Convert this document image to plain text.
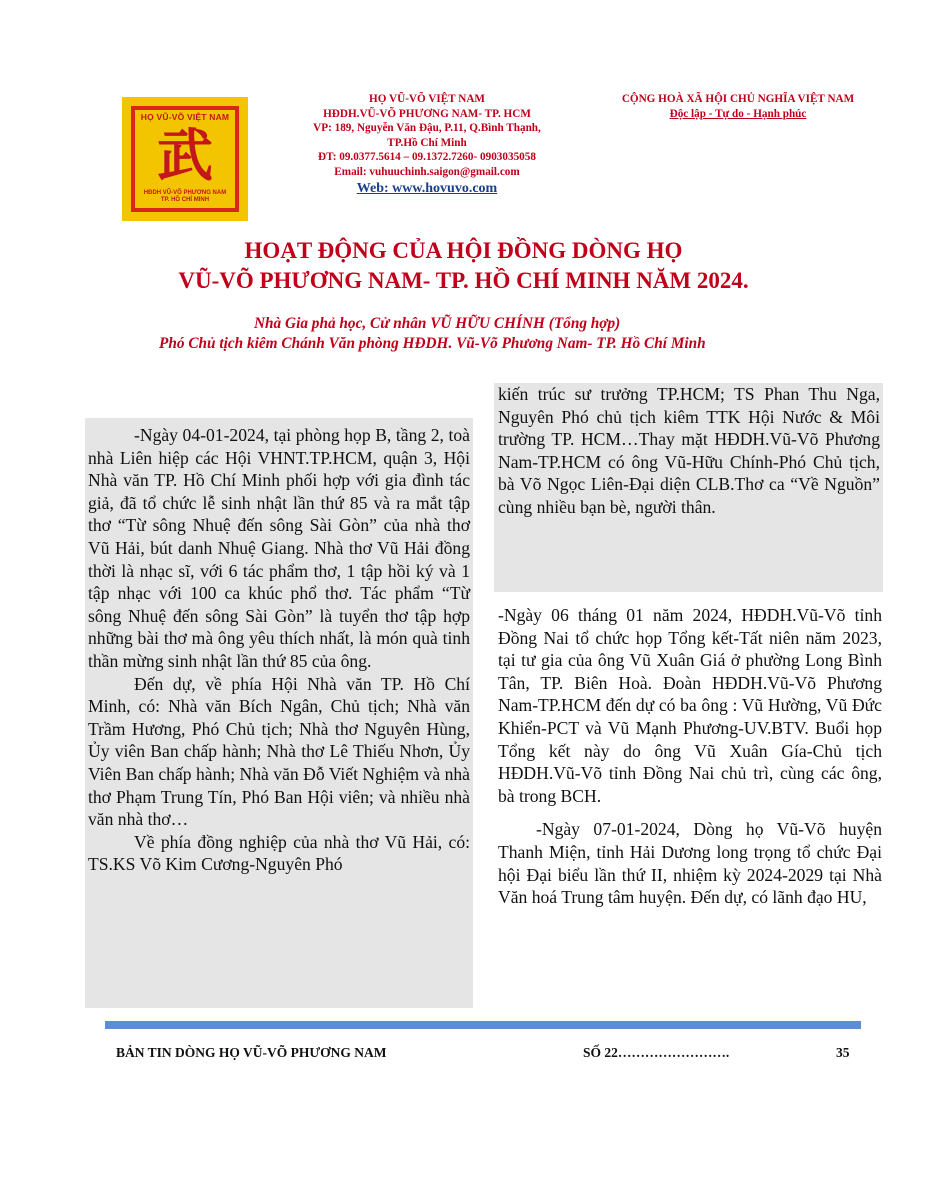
HỌ VŨ-VÕ VIỆT NAM
武
HĐDH VŨ-VÕ PHƯƠNG NAM
TP. HỒ CHÍ MINH
HỌ VŨ-VÕ VIỆT NAM
HĐDH.VŨ-VÕ PHƯƠNG NAM- TP. HCM
VP: 189, Nguyễn Văn Đậu, P.11, Q.Bình Thạnh,
TP.Hồ Chí Minh
ĐT: 09.0377.5614 – 09.1372.7260- 0903035058
Email: vuhuuchinh.saigon@gmail.com
Web: www.hovuvo.com
CỘNG HOÀ XÃ HỘI CHỦ NGHĨA VIỆT NAM
Độc lập - Tự do - Hạnh phúc
HOẠT ĐỘNG CỦA HỘI ĐỒNG DÒNG HỌ
VŨ-VÕ PHƯƠNG NAM- TP. HỒ CHÍ MINH NĂM 2024.
Nhà Gia phả học, Cử nhân VŨ HỮU CHÍNH (Tổng hợp)
Phó Chủ tịch kiêm Chánh Văn phòng HĐDH. Vũ-Võ Phương Nam- TP. Hồ Chí Minh

-Ngày 04-01-2024, tại phòng họp B, tầng 2, toà nhà Liên hiệp các Hội VHNT.TP.HCM, quận 3, Hội Nhà văn TP. Hồ Chí Minh phối hợp với gia đình tác giả, đã tổ chức lễ sinh nhật lần thứ 85 và ra mắt tập thơ “Từ sông Nhuệ đến sông Sài Gòn” của nhà thơ Vũ Hải, bút danh Nhuệ Giang. Nhà thơ Vũ Hải đồng thời là nhạc sĩ, với 6 tác phẩm thơ, 1 tập hồi ký và 1 tập nhạc với 100 ca khúc phổ thơ. Tác phẩm “Từ sông Nhuệ đến sông Sài Gòn” là tuyển thơ tập hợp những bài thơ mà ông yêu thích nhất, là món quà tinh thần mừng sinh nhật lần thứ 85 của ông.

Đến dự, về phía Hội Nhà văn TP. Hồ Chí Minh, có: Nhà văn Bích Ngân, Chủ tịch; Nhà văn Trầm Hương, Phó Chủ tịch; Nhà thơ Nguyên Hùng, Ủy viên Ban chấp hành; Nhà thơ Lê Thiếu Nhơn, Ủy Viên Ban chấp hành; Nhà văn Đỗ Viết Nghiệm và nhà thơ Phạm Trung Tín, Phó Ban Hội viên; và nhiều nhà văn nhà thơ…

Về phía đồng nghiệp của nhà thơ Vũ Hải, có: TS.KS Võ Kim Cương-Nguyên Phó

kiến trúc sư trưởng TP.HCM; TS Phan Thu Nga, Nguyên Phó chủ tịch kiêm TTK Hội Nước & Môi trường TP. HCM…Thay mặt HĐDH.Vũ-Võ Phương Nam-TP.HCM có ông Vũ-Hữu Chính-Phó Chủ tịch, bà Võ Ngọc Liên-Đại diện CLB.Thơ ca “Về Nguồn” cùng nhiều bạn bè, người thân.

-Ngày 06 tháng 01 năm 2024, HĐDH.Vũ-Võ tỉnh Đồng Nai tổ chức họp Tổng kết-Tất niên năm 2023, tại tư gia của ông Vũ Xuân Giá ở phường Long Bình Tân, TP. Biên Hoà. Đoàn HĐDH.Vũ-Võ Phương Nam-TP.HCM đến dự có ba ông : Vũ Hường, Vũ Đức Khiển-PCT và Vũ Mạnh Phương-UV.BTV. Buổi họp Tổng kết này do ông Vũ Xuân Gía-Chủ tịch HĐDH.Vũ-Võ tỉnh Đồng Nai chủ trì, cùng các ông, bà trong BCH.

-Ngày 07-01-2024, Dòng họ Vũ-Võ huyện Thanh Miện, tỉnh Hải Dương long trọng tổ chức Đại hội Đại biểu lần thứ II, nhiệm kỳ 2024-2029 tại Nhà Văn hoá Trung tâm huyện. Đến dự, có lãnh đạo HU,

BẢN TIN DÒNG HỌ VŨ-VÕ PHƯƠNG NAM	SỐ 22…………………….	35
